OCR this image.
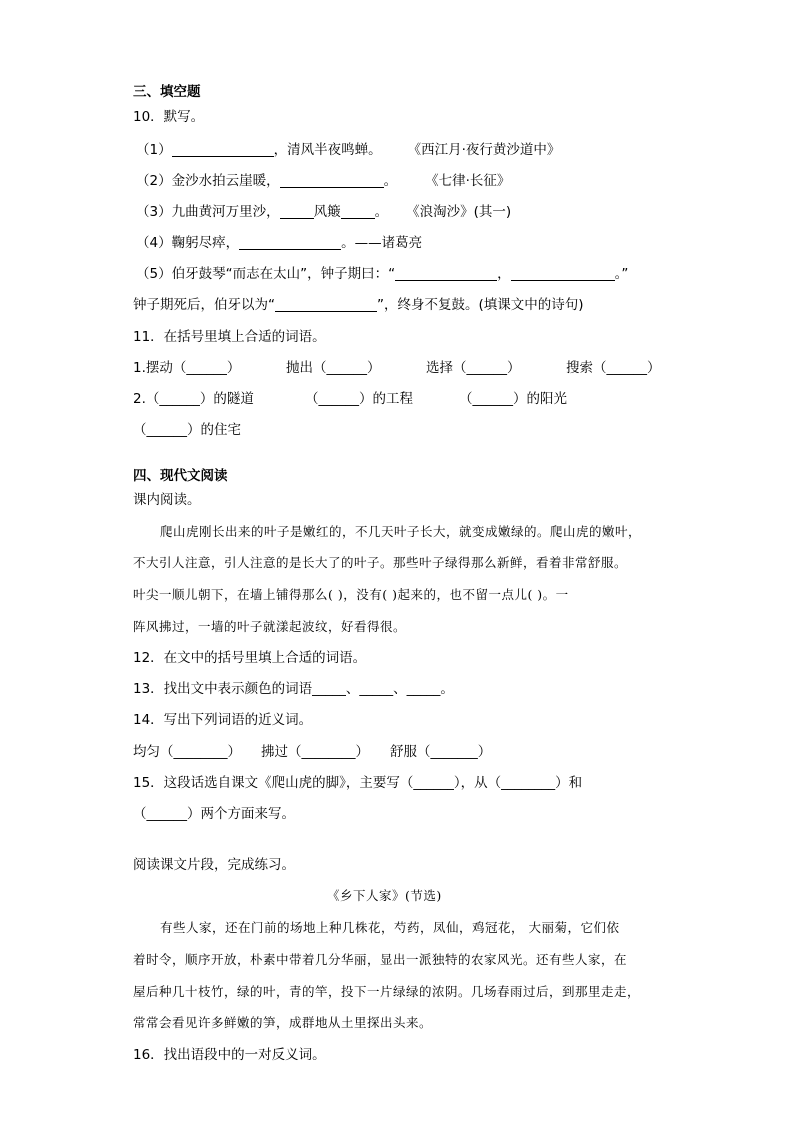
三、填空题
10．默写。
（1）	，清风半夜鸣蝉。 《西江月·夜行黄沙道中》
（2）金沙水拍云崖暖，	。 《七律·长征》
（3）九曲黄河万里沙，	风簸	。 《浪淘沙》(其一)
（4）鞠躬尽瘁，	。——诸葛亮
（5）伯牙鼓琴“而志在太山”，钟子期曰：“	，	。”
钟子期死后，伯牙以为“	”，终身不复鼓。(填课文中的诗句)
11．在括号里填上合适的词语。
1.摆动（______）	抛出（______）	选择（______）	搜索（______）
2.（______）的隧道	（______）的工程	（______）的阳光
（______）的住宅
四、现代文阅读
课内阅读。
爬山虎刚长出来的叶子是嫩红的，不几天叶子长大，就变成嫩绿的。爬山虎的嫩叶，
不大引人注意，引人注意的是长大了的叶子。那些叶子绿得那么新鲜，看着非常舒服。
叶尖一顺儿朝下，在墙上铺得那么( )，没有( )起来的，也不留一点儿( )。一
阵风拂过，一墙的叶子就漾起波纹，好看得很。
12．在文中的括号里填上合适的词语。
13．找出文中表示颜色的词语_____、_____、_____。
14．写出下列词语的近义词。
均匀（________） 拂过（________） 舒服（_______）
15．这段话选自课文《爬山虎的脚》，主要写（______），从（________）和
（______）两个方面来写。
阅读课文片段，完成练习。
《乡下人家》(节选)
有些人家，还在门前的场地上种几株花，芍药，凤仙，鸡冠花， 大丽菊，它们依
着时令，顺序开放，朴素中带着几分华丽，显出一派独特的农家风光。还有些人家，在
屋后种几十枝竹，绿的叶，青的竿，投下一片绿绿的浓阴。几场春雨过后，到那里走走，
常常会看见许多鲜嫩的笋，成群地从土里探出头来。
16．找出语段中的一对反义词。
